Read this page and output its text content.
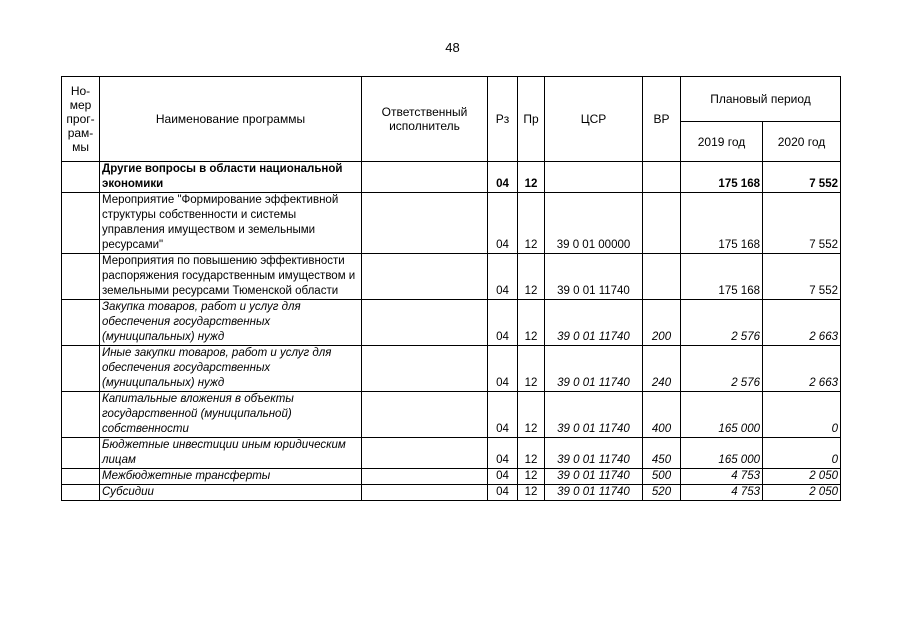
48
Но-
мер
прог-
рам-
мы	Наименование программы	Ответственный исполнитель	Рз	Пр	ЦСР	ВР	Плановый период	
							2019 год	2020 год
	Другие вопросы в области национальной экономики		04	12			175 168	7 552
	Мероприятие "Формирование эффективной структуры собственности и системы управления имуществом и земельными ресурсами"		04	12	39 0 01 00000		175 168	7 552
	Мероприятия по повышению эффективности распоряжения государственным имуществом и земельными ресурсами Тюменской области		04	12	39 0 01 11740		175 168	7 552
	Закупка товаров, работ и услуг для обеспечения государственных (муниципальных) нужд		04	12	39 0 01 11740	200	2 576	2 663
	Иные закупки товаров, работ и услуг для обеспечения государственных (муниципальных) нужд		04	12	39 0 01 11740	240	2 576	2 663
	Капитальные вложения в объекты государственной (муниципальной) собственности		04	12	39 0 01 11740	400	165 000	0
	Бюджетные инвестиции иным юридическим лицам		04	12	39 0 01 11740	450	165 000	0
	Межбюджетные трансферты		04	12	39 0 01 11740	500	4 753	2 050
	Субсидии		04	12	39 0 01 11740	520	4 753	2 050
